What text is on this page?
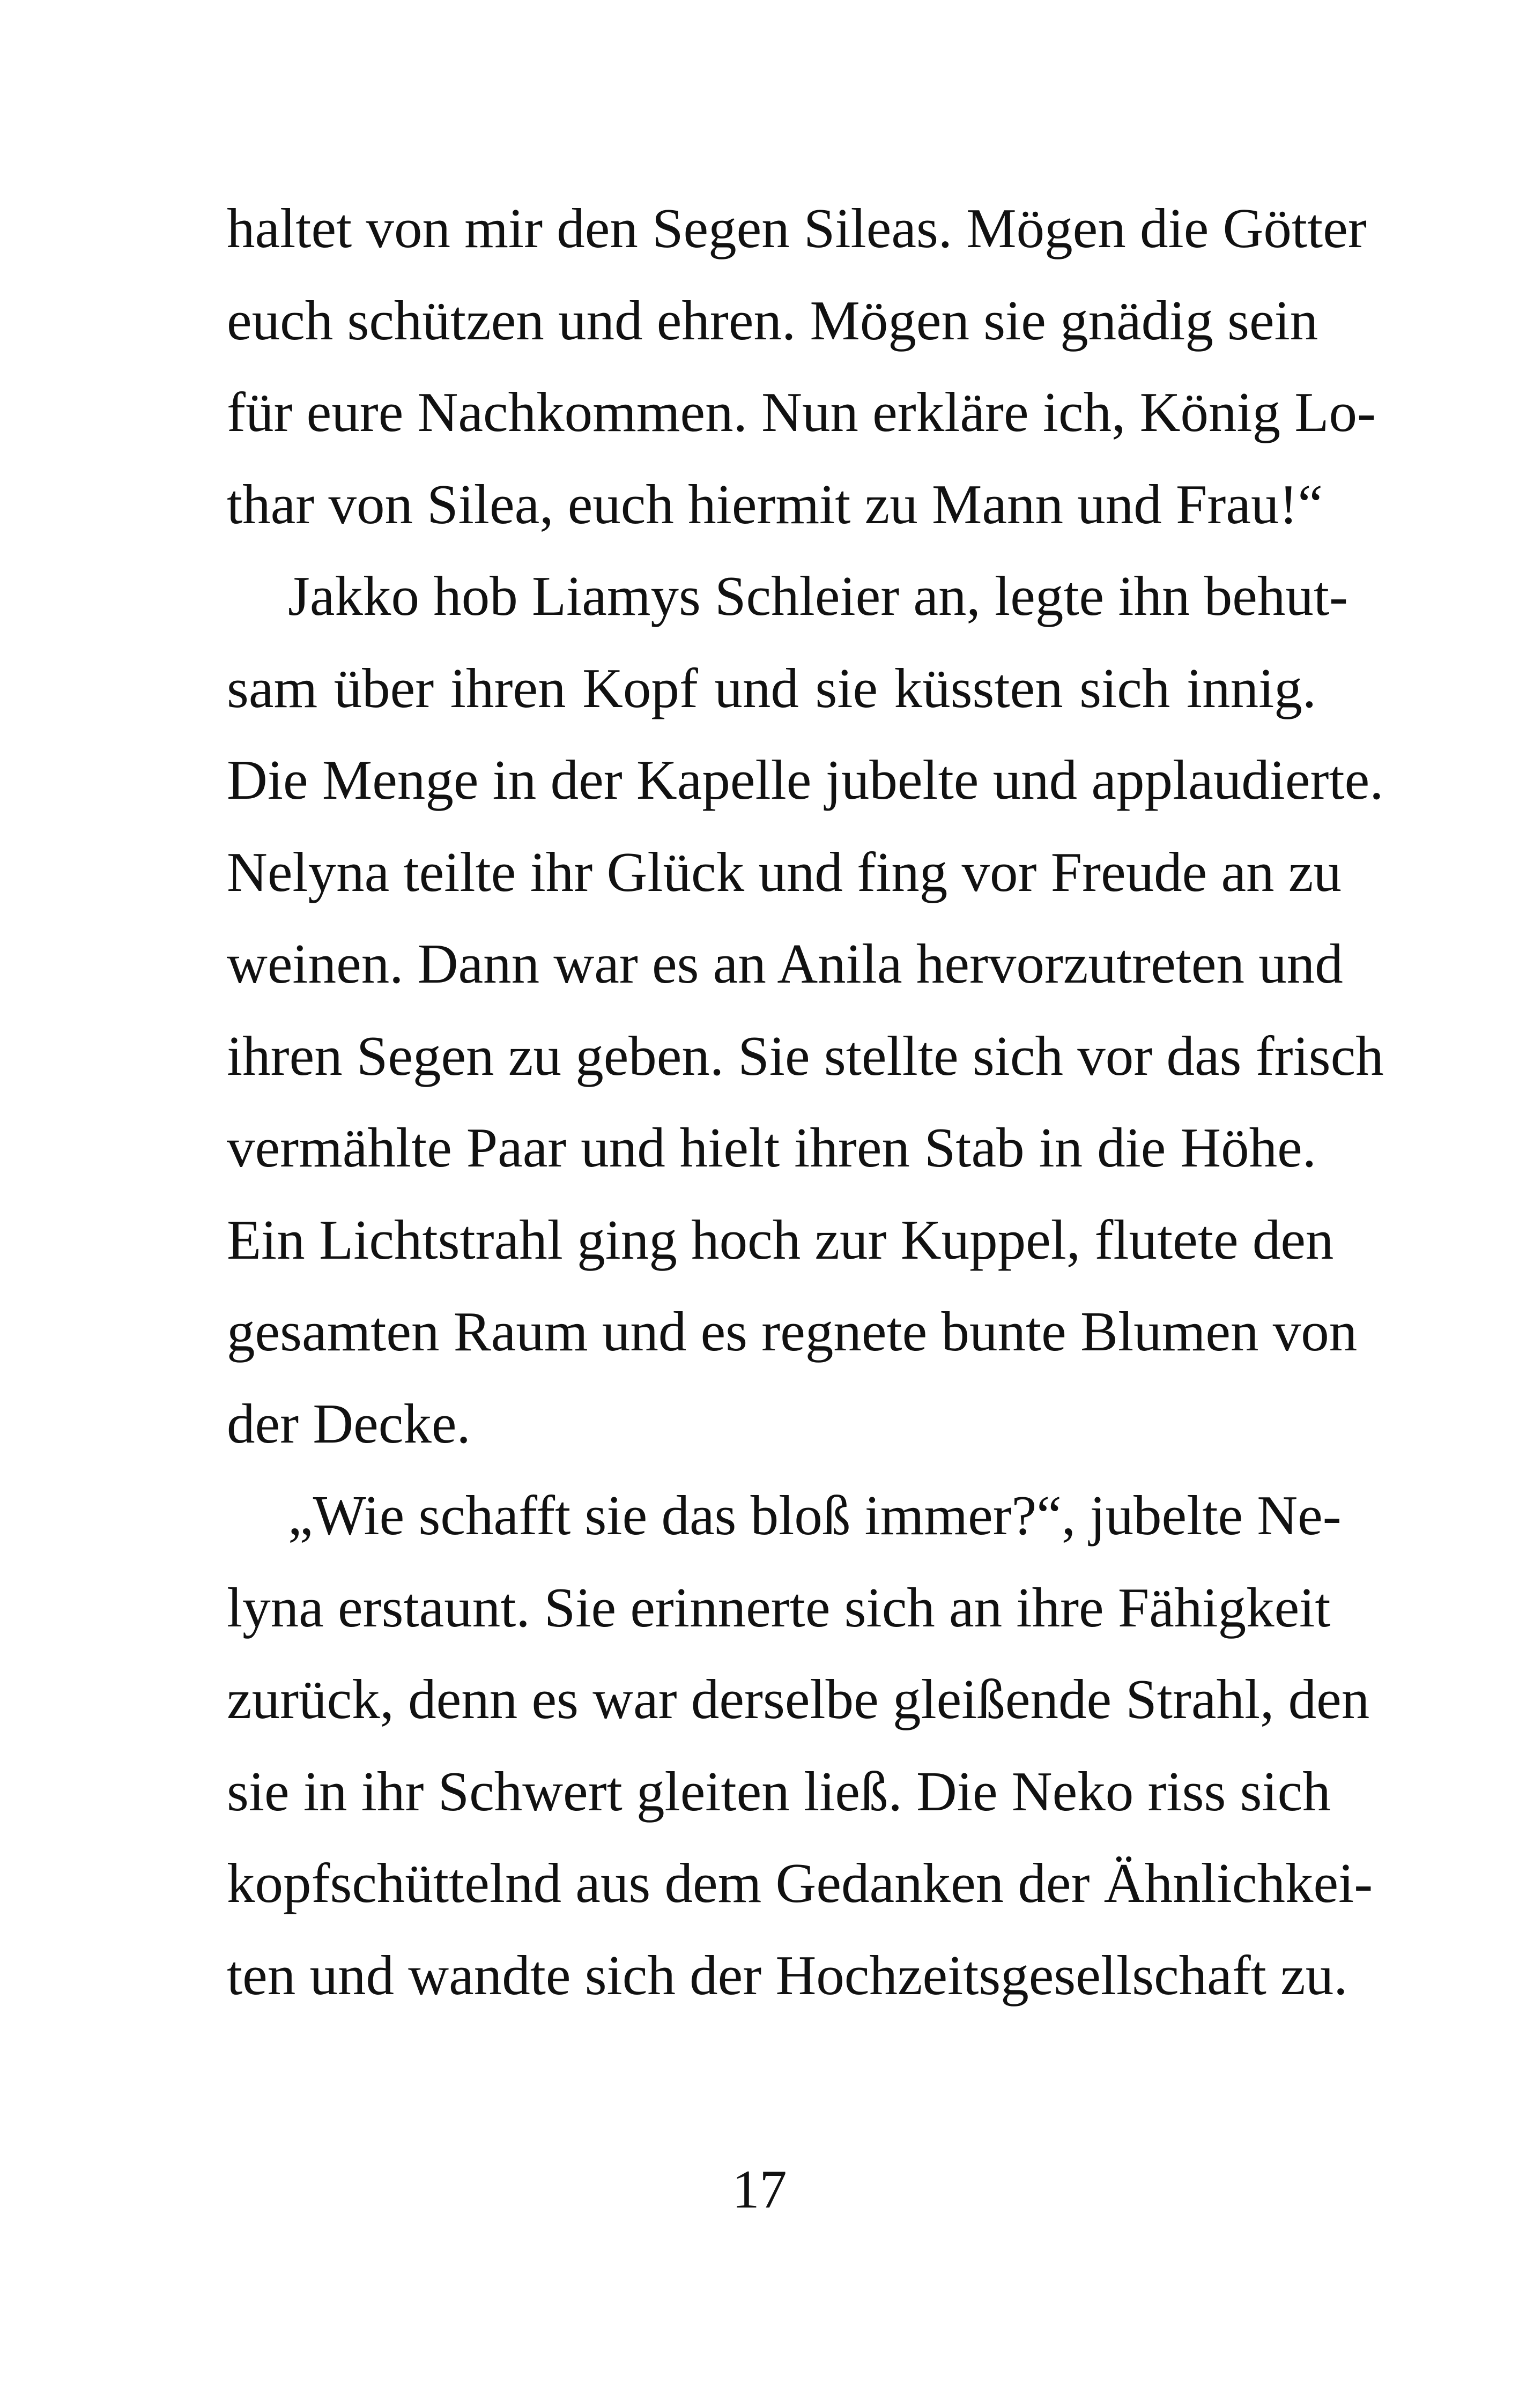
haltet von mir den Segen Sileas. Mögen die Götter
euch schützen und ehren. Mögen sie gnädig sein
für eure Nachkommen. Nun erkläre ich, König Lo-
thar von Silea, euch hiermit zu Mann und Frau!“
Jakko hob Liamys Schleier an, legte ihn behut-
sam über ihren Kopf und sie küssten sich innig.
Die Menge in der Kapelle jubelte und applaudierte.
Nelyna teilte ihr Glück und fing vor Freude an zu
weinen. Dann war es an Anila hervorzutreten und
ihren Segen zu geben. Sie stellte sich vor das frisch
vermählte Paar und hielt ihren Stab in die Höhe.
Ein Lichtstrahl ging hoch zur Kuppel, flutete den
gesamten Raum und es regnete bunte Blumen von
der Decke.
„Wie schafft sie das bloß immer?“, jubelte Ne-
lyna erstaunt. Sie erinnerte sich an ihre Fähigkeit
zurück, denn es war derselbe gleißende Strahl, den
sie in ihr Schwert gleiten ließ. Die Neko riss sich
kopfschüttelnd aus dem Gedanken der Ähnlichkei-
ten und wandte sich der Hochzeitsgesellschaft zu.
17
